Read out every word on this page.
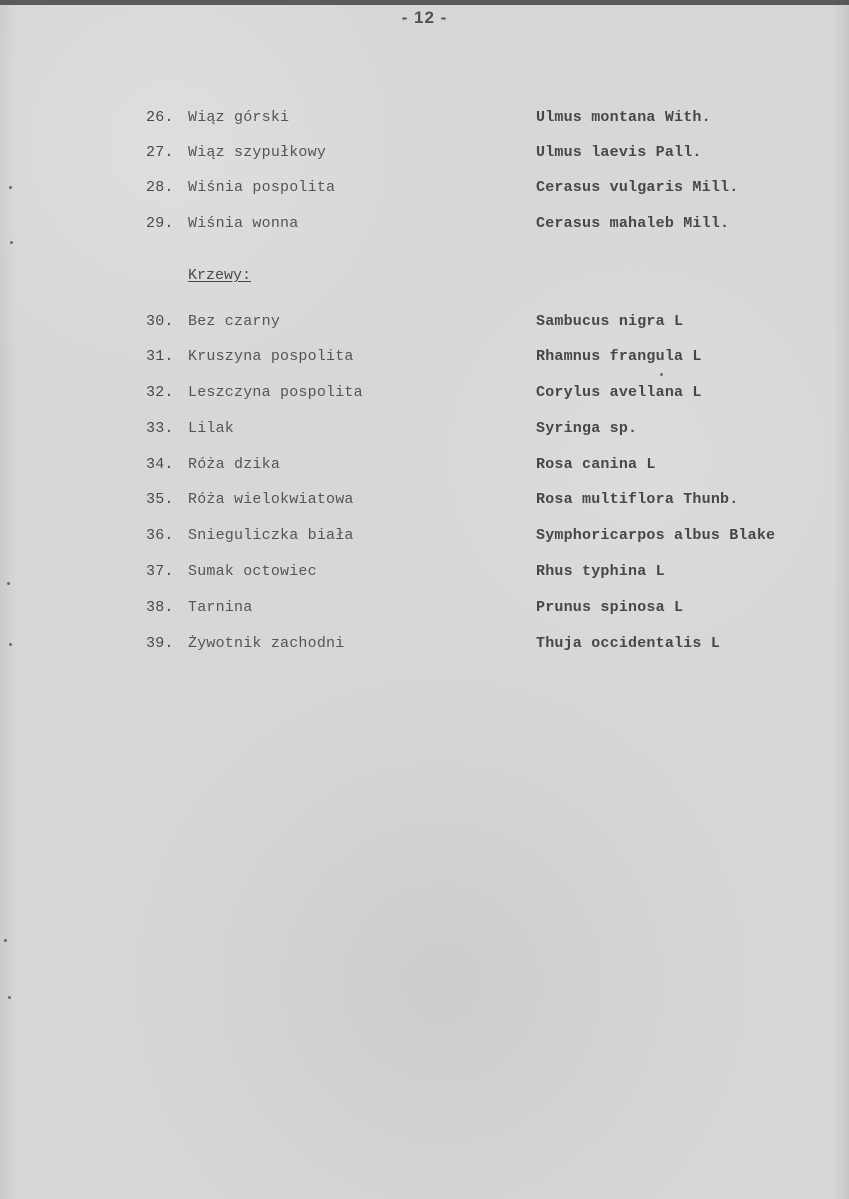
- 12 -
26. Wiąz górski	Ulmus montana With.
27. Wiąz szypułkowy	Ulmus laevis Pall.
28. Wiśnia pospolita	Cerasus vulgaris Mill.
29. Wiśnia wonna	Cerasus mahaleb Mill.
Krzewy:
30. Bez czarny	Sambucus nigra L
31. Kruszyna pospolita	Rhamnus frangula L
32. Leszczyna pospolita	Corylus avellana L
33. Lilak	Syringa sp.
34. Róża dzika	Rosa canina L
35. Róża wielokwiatowa	Rosa multiflora Thunb.
36. Snieguliczka biała	Symphoricarpos albus Blake
37. Sumak octowiec	Rhus typhina L
38. Tarnina	Prunus spinosa L
39. Żywotnik zachodni	Thuja occidentalis L
